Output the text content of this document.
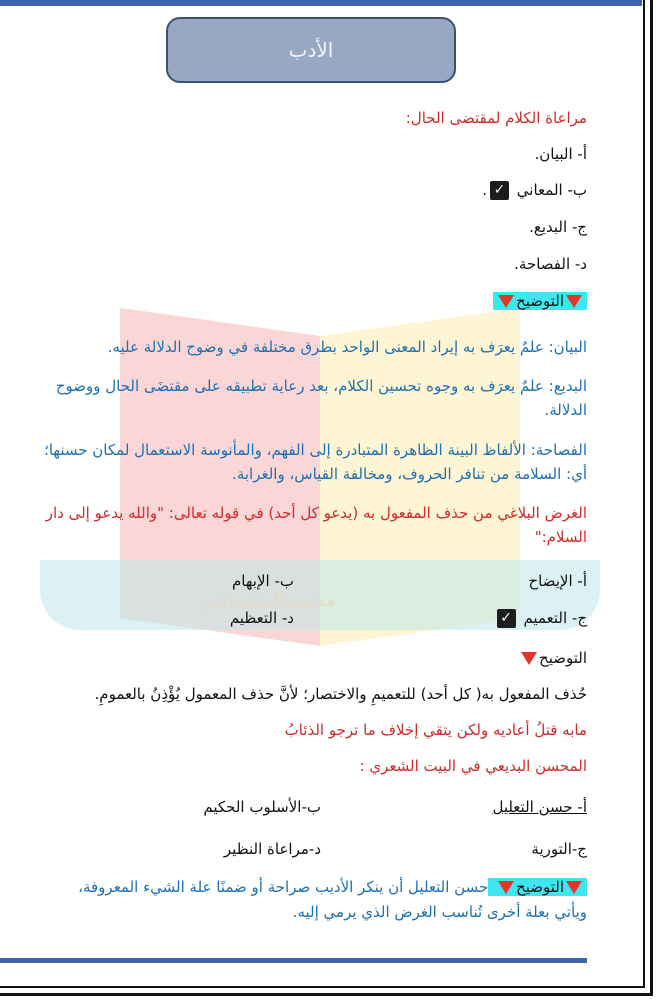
محمد الدغبــاشر
الأدب
مراعاة الكلام لمقتضى الحال:
أ- البيان.
ب- المعاني ✓.
ج- البديع.
د- الفصاحة.
التوضيح
البيان: علمٌ يعرَف به إيراد المعنى الواحد بطرق مختلفة في وضوح الدلالة عليه.
البديع: علمٌ يعرَف به وجوه تحسين الكلام، بعد رعاية تطبيقه على مقتضَى الحال ووضوح
الدلالة.
الفصاحة: الألفاظ البينة الظاهرة المتبادرة إلى الفهم، والمأنوسة الاستعمال لمكان حسنها؛
أي: السلامة من تنافر الحروف، ومخالفة القياس، والغرابة.
الغرض البلاغي من حذف المفعول به (يدعو كل أحد) في قوله تعالى: "والله يدعو إلى دار
السلام:"
أ- الإيضاح
ب- الإبهام
ج- التعميم ✓
د- التعظيم
التوضيح
حُذف المفعول به( كل أحد) للتعميمِ والاختصار؛ لأنَّ حذف المعمول يُؤْذِنُ بالعمومِ.
مابه قتلُ أعاديه ولكن يتقي إخلاف ما ترجو الذئابُ
المحسن البديعي في البيت الشعري :
أ- حسن التعليل
ب-الأسلوب الحكيم
ج-التورية
د-مراعاة النظير
التوضيح حسن التعليل أن ينكر الأديب صراحة أو ضمنًا علة الشيء المعروفة،
ويأتي بعلة أخرى تُناسب الغرض الذي يرمي إليه.
